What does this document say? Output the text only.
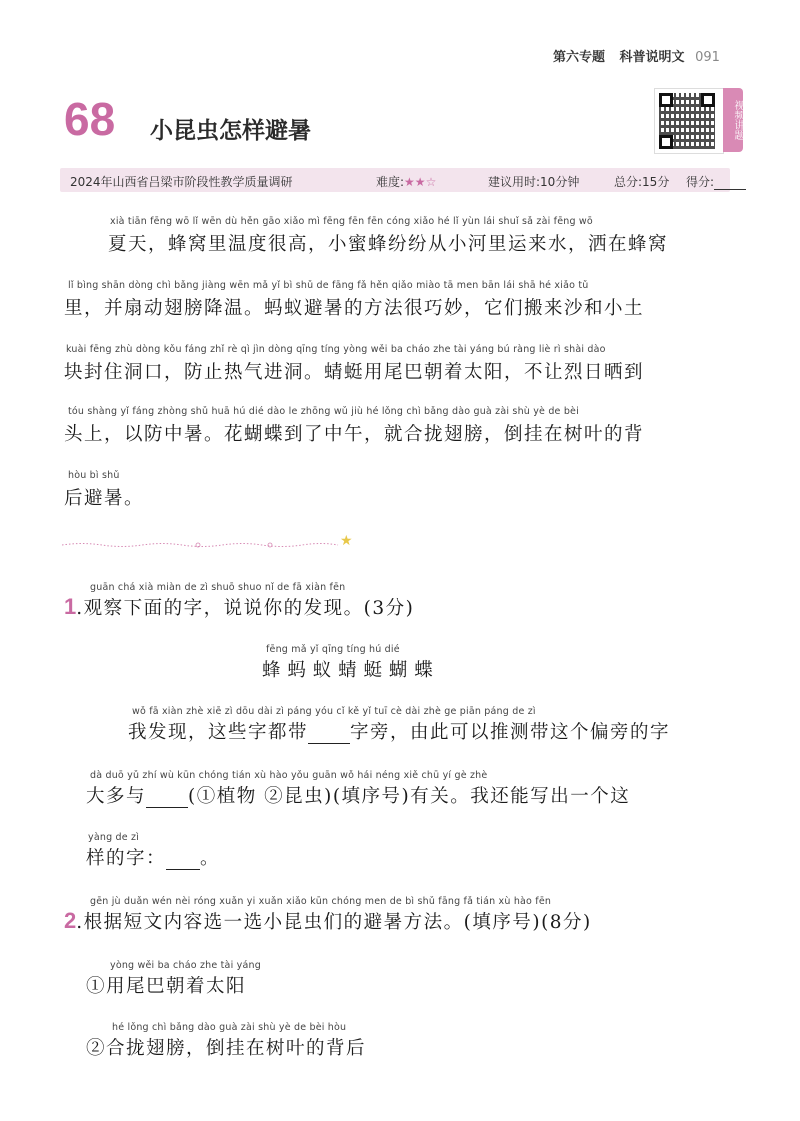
第六专题 科普说明文 091
68 小昆虫怎样避暑	视频讲题
2024年山西省吕梁市阶段性教学质量调研	难度:★★☆	建议用时:10分钟	总分:15分 得分:
xià tiān fēng wō lǐ wēn dù hěn gāo xiǎo mì fēng fēn fēn cóng xiǎo hé lǐ yùn lái shuǐ sǎ zài fēng wō
夏天，蜂窝里温度很高，小蜜蜂纷纷从小河里运来水，洒在蜂窝
lǐ bìng shān dòng chì bǎng jiàng wēn mǎ yǐ bì shǔ de fāng fǎ hěn qiǎo miào tā men bān lái shā hé xiǎo tǔ
里，并扇动翅膀降温。蚂蚁避暑的方法很巧妙，它们搬来沙和小土
kuài fēng zhù dòng kǒu fáng zhǐ rè qì jìn dòng qīng tíng yòng wěi ba cháo zhe tài yáng bú ràng liè rì shài dào
块封住洞口，防止热气进洞。蜻蜓用尾巴朝着太阳，不让烈日晒到
tóu shàng yǐ fáng zhòng shǔ huā hú dié dào le zhōng wǔ jiù hé lǒng chì bǎng dào guà zài shù yè de bèi
头上，以防中暑。花蝴蝶到了中午，就合拢翅膀，倒挂在树叶的背
hòu bì shǔ
后避暑。
★
guān chá xià miàn de zì shuō shuo nǐ de fā xiàn fēn
1.观察下面的字，说说你的发现。(3分)
fēng mǎ yǐ qīng tíng hú dié
蜂 蚂 蚁 蜻 蜓 蝴 蝶
wǒ fā xiàn zhè xiē zì dōu dài zì páng yóu cǐ kě yǐ tuī cè dài zhè ge piān páng de zì
我发现，这些字都带 字旁，由此可以推测带这个偏旁的字
dà duō yǔ zhí wù kūn chóng tián xù hào yǒu guān wǒ hái néng xiě chū yí gè zhè
大多与 (①植物 ②昆虫)(填序号)有关。我还能写出一个这
yàng de zì
样的字： 。
gēn jù duǎn wén nèi róng xuǎn yi xuǎn xiǎo kūn chóng men de bì shǔ fāng fǎ tián xù hào fēn
2.根据短文内容选一选小昆虫们的避暑方法。(填序号)(8分)
yòng wěi ba cháo zhe tài yáng
①用尾巴朝着太阳
hé lǒng chì bǎng dào guà zài shù yè de bèi hòu
②合拢翅膀，倒挂在树叶的背后
